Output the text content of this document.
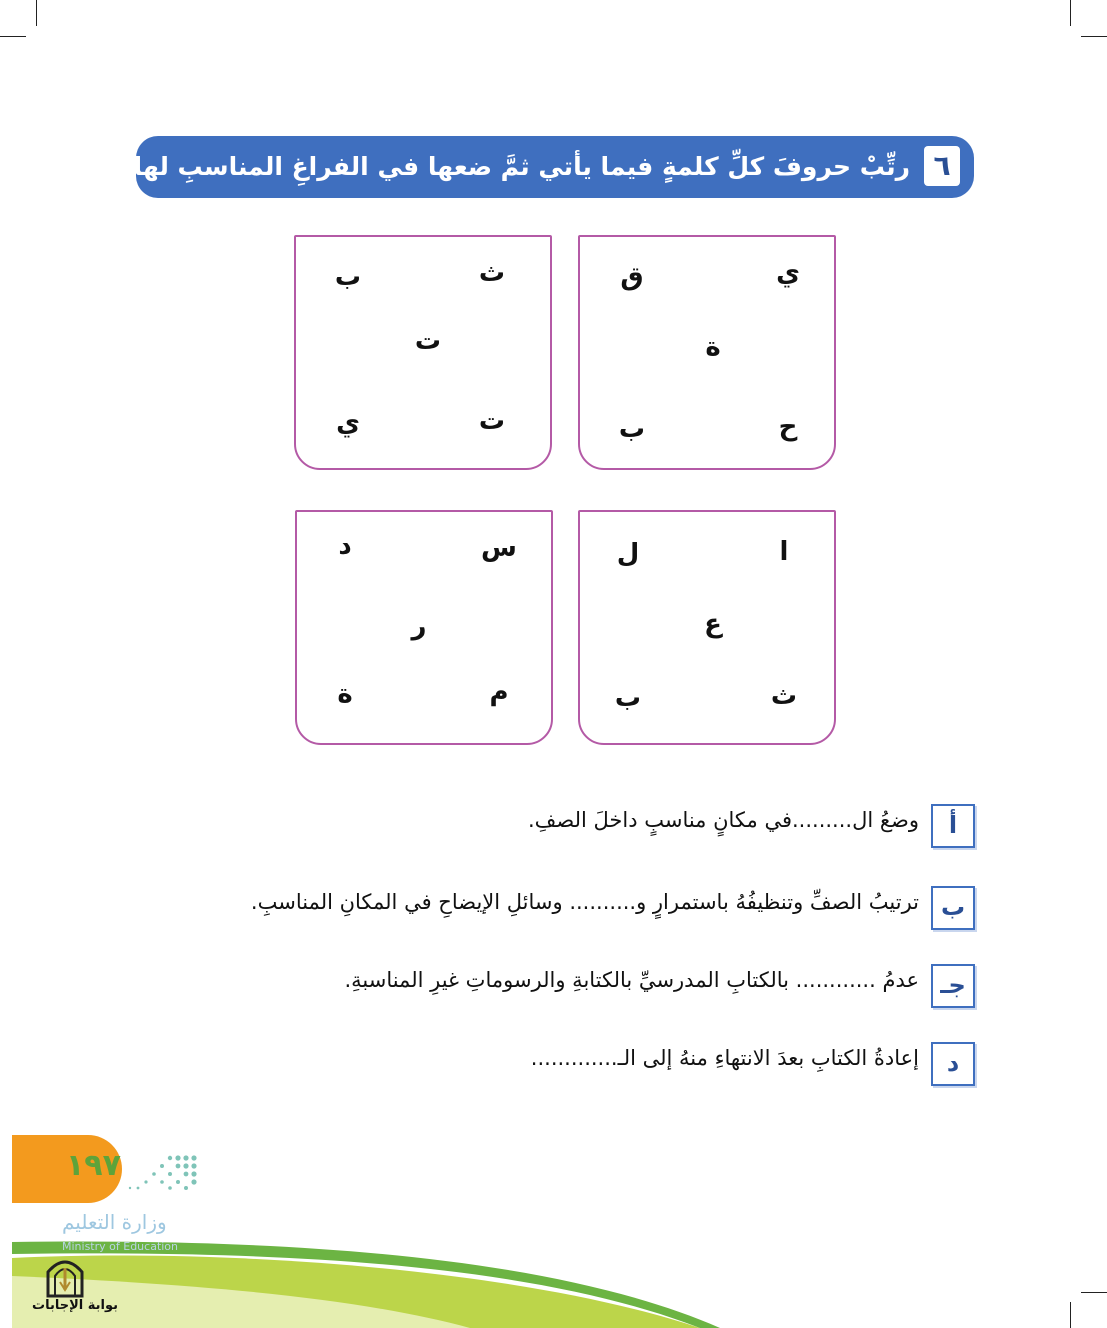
٦
رتِّبْ حروفَ كلِّ كلمةٍ فيما يأتي ثمَّ ضعها في الفراغِ المناسبِ لها :
ي
ق
ة
ح
ب
ث
ب
ت
ت
ي
ا
ل
ع
ث
ب
س
د
ر
م
ة
أ
وضعُ ال.........في مكانٍ مناسبٍ داخلَ الصفِ.
ب
ترتيبُ الصفِّ وتنظيفُهُ باستمرارٍ و.......... وسائلِ الإيضاحِ في المكانِ المناسبِ.
جـ
عدمُ ............ بالكتابِ المدرسيِّ بالكتابةِ والرسوماتِ غيرِ المناسبةِ.
د
إعادةُ الكتابِ بعدَ الانتهاءِ منهُ إلى الـ.............
١٩٧
وزارة التعليم
Ministry of Education
بوابة الإجابات
